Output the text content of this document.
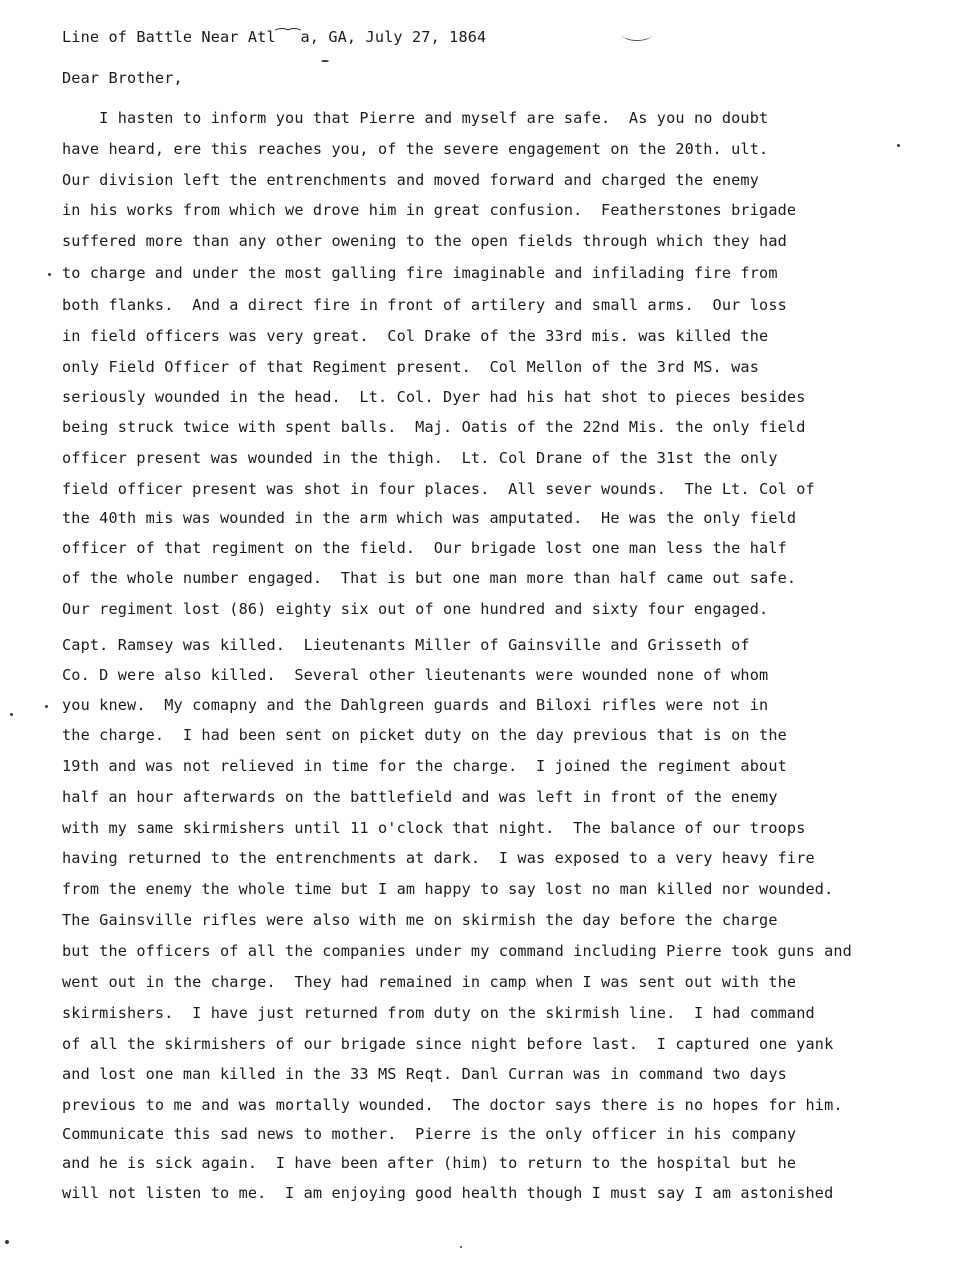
Line of Battle Near Atl⁀⁀a, GA, July 27, 1864

Dear Brother,

I hasten to inform you that Pierre and myself are safe.  As you no doubt

have heard, ere this reaches you, of the severe engagement on the 20th. ult.

Our division left the entrenchments and moved forward and charged the enemy

in his works from which we drove him in great confusion.  Featherstones brigade

suffered more than any other owening to the open fields through which they had

to charge and under the most galling fire imaginable and infilading fire from

both flanks.  And a direct fire in front of artilery and small arms.  Our loss

in field officers was very great.  Col Drake of the 33rd mis. was killed the

only Field Officer of that Regiment present.  Col Mellon of the 3rd MS. was

seriously wounded in the head.  Lt. Col. Dyer had his hat shot to pieces besides

being struck twice with spent balls.  Maj. Oatis of the 22nd Mis. the only field

officer present was wounded in the thigh.  Lt. Col Drane of the 31st the only

field officer present was shot in four places.  All sever wounds.  The Lt. Col of

the 40th mis was wounded in the arm which was amputated.  He was the only field

officer of that regiment on the field.  Our brigade lost one man less the half

of the whole number engaged.  That is but one man more than half came out safe.

Our regiment lost (86) eighty six out of one hundred and sixty four engaged.

Capt. Ramsey was killed.  Lieutenants Miller of Gainsville and Grisseth of

Co. D were also killed.  Several other lieutenants were wounded none of whom

you knew.  My comapny and the Dahlgreen guards and Biloxi rifles were not in

the charge.  I had been sent on picket duty on the day previous that is on the

19th and was not relieved in time for the charge.  I joined the regiment about

half an hour afterwards on the battlefield and was left in front of the enemy

with my same skirmishers until 11 o'clock that night.  The balance of our troops

having returned to the entrenchments at dark.  I was exposed to a very heavy fire

from the enemy the whole time but I am happy to say lost no man killed nor wounded.

The Gainsville rifles were also with me on skirmish the day before the charge

but the officers of all the companies under my command including Pierre took guns and

went out in the charge.  They had remained in camp when I was sent out with the

skirmishers.  I have just returned from duty on the skirmish line.  I had command

of all the skirmishers of our brigade since night before last.  I captured one yank

and lost one man killed in the 33 MS Reqt. Danl Curran was in command two days

previous to me and was mortally wounded.  The doctor says there is no hopes for him.

Communicate this sad news to mother.  Pierre is the only officer in his company

and he is sick again.  I have been after (him) to return to the hospital but he

will not listen to me.  I am enjoying good health though I must say I am astonished
